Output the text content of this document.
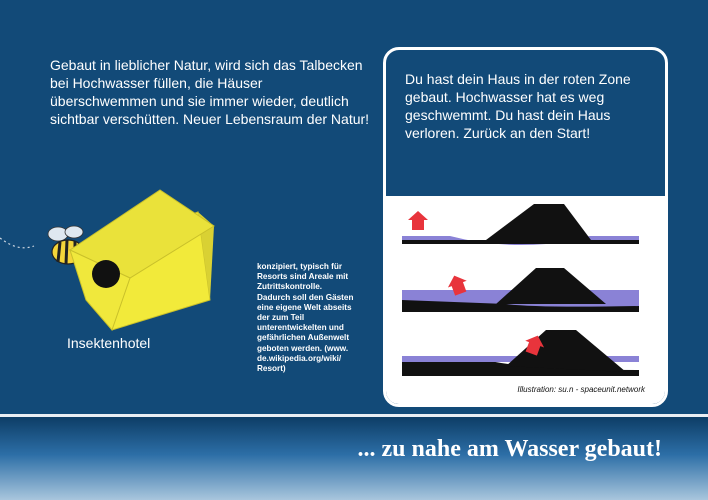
Gebaut in lieblicher Natur, wird sich das Talbecken bei Hochwasser füllen, die Häuser überschwemmen und sie immer wieder, deutlich sichtbar verschütten. Neuer Lebensraum der Natur!
Insektenhotel
konzipiert, typisch für Resorts sind Areale mit Zutrittskontrolle. Dadurch soll den Gästen eine eigene Welt abseits der zum Teil unterentwickelten und gefährlichen Außenwelt geboten werden. (www. de.wikipedia.org/wiki/ Resort)
Du hast dein Haus in der roten Zone gebaut. Hochwasser hat es weg geschwemmt. Du hast dein Haus verloren. Zurück an den Start!
Illustration: su.n - spaceunit.network
... zu nahe am Wasser gebaut!
